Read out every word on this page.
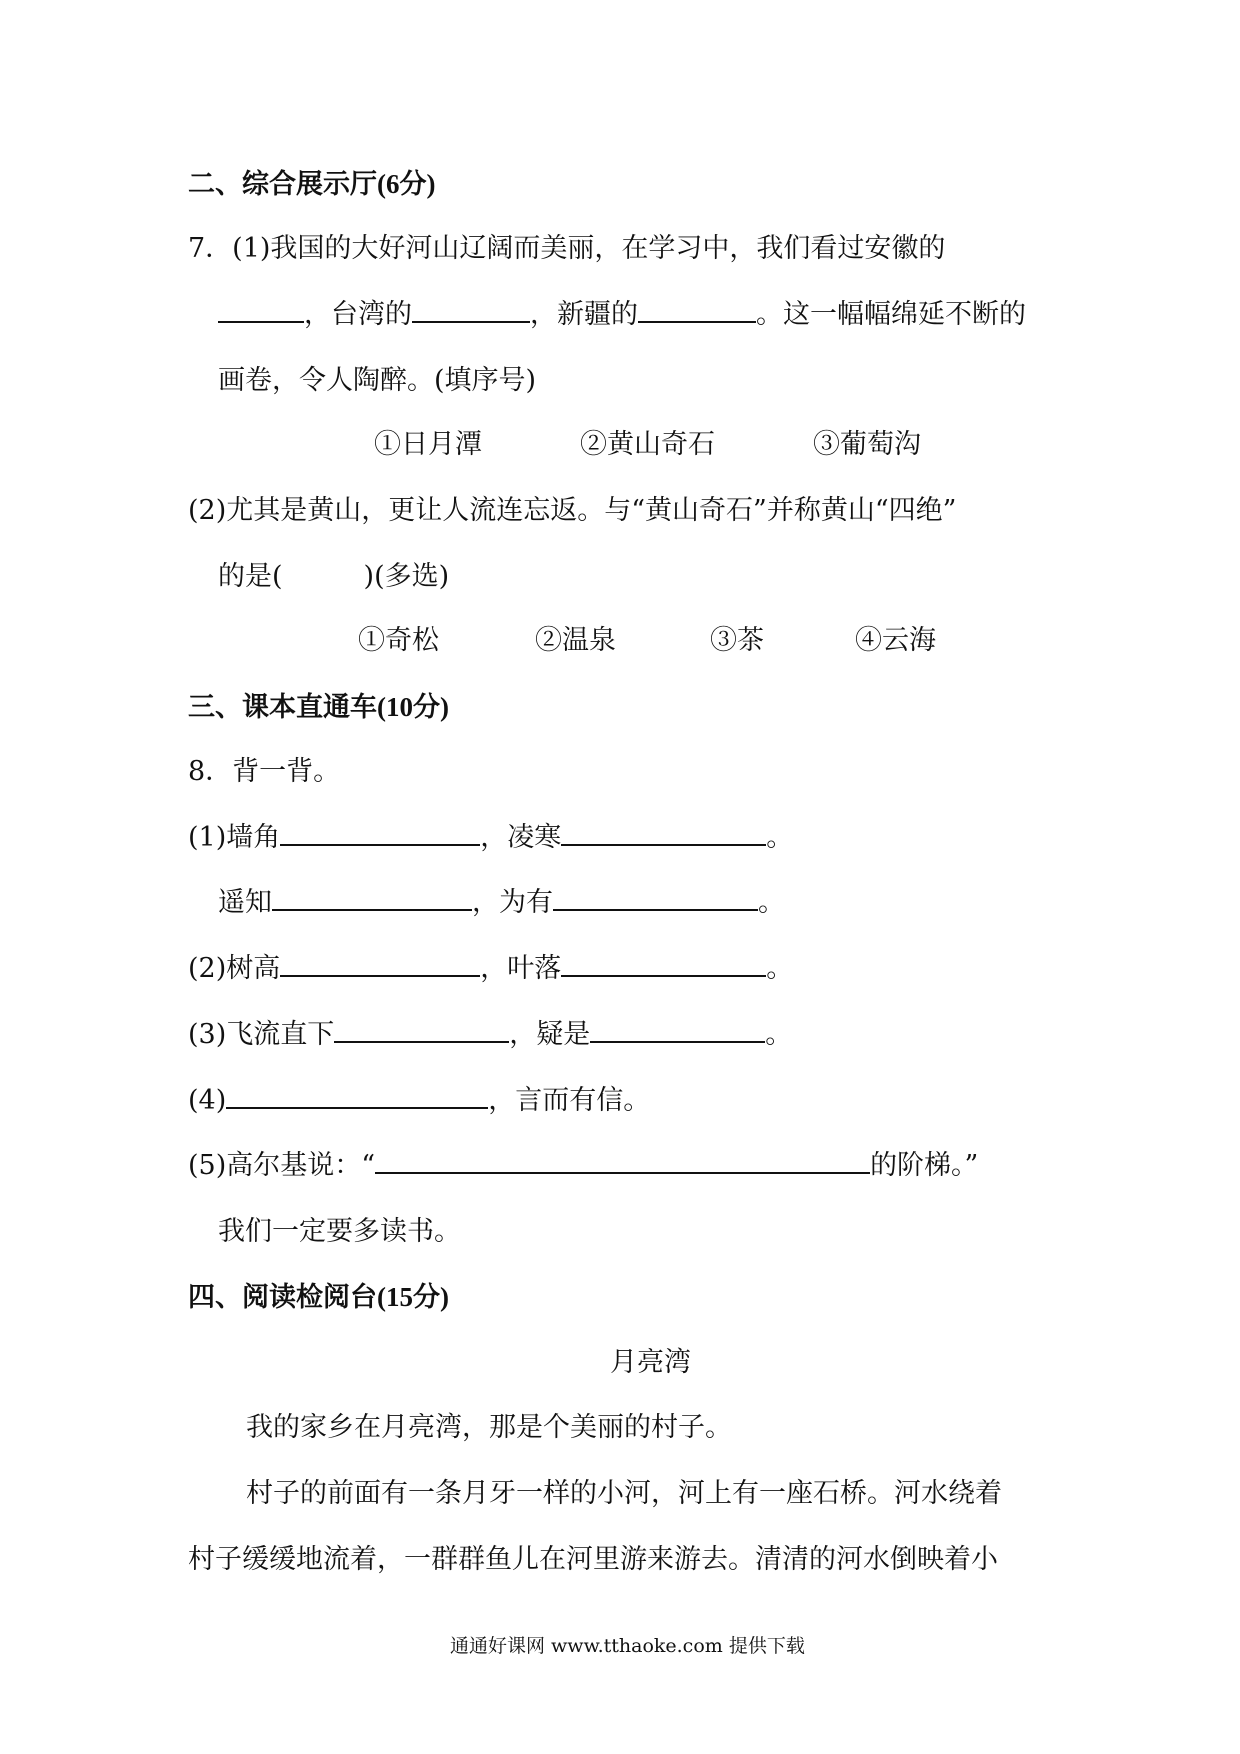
二、综合展示厅(6分)
7．(1)我国的大好河山辽阔而美丽，在学习中，我们看过安徽的
，台湾的	，新疆的	。这一幅幅绵延不断的
画卷，令人陶醉。(填序号)
①日月潭	②黄山奇石	③葡萄沟
(2)尤其是黄山，更让人流连忘返。与“黄山奇石”并称黄山“四绝”
的是(　　　)(多选)
①奇松	②温泉	③茶	④云海
三、课本直通车(10分)
8．背一背。
(1)墙角	，凌寒	。
遥知	，为有	。
(2)树高	，叶落	。
(3)飞流直下	，疑是	。
(4)	，言而有信。
(5)高尔基说：“	的阶梯。”
我们一定要多读书。
四、阅读检阅台(15分)
月亮湾
我的家乡在月亮湾，那是个美丽的村子。
村子的前面有一条月牙一样的小河，河上有一座石桥。河水绕着
村子缓缓地流着，一群群鱼儿在河里游来游去。清清的河水倒映着小
通通好课网 www.tthaoke.com 提供下载
